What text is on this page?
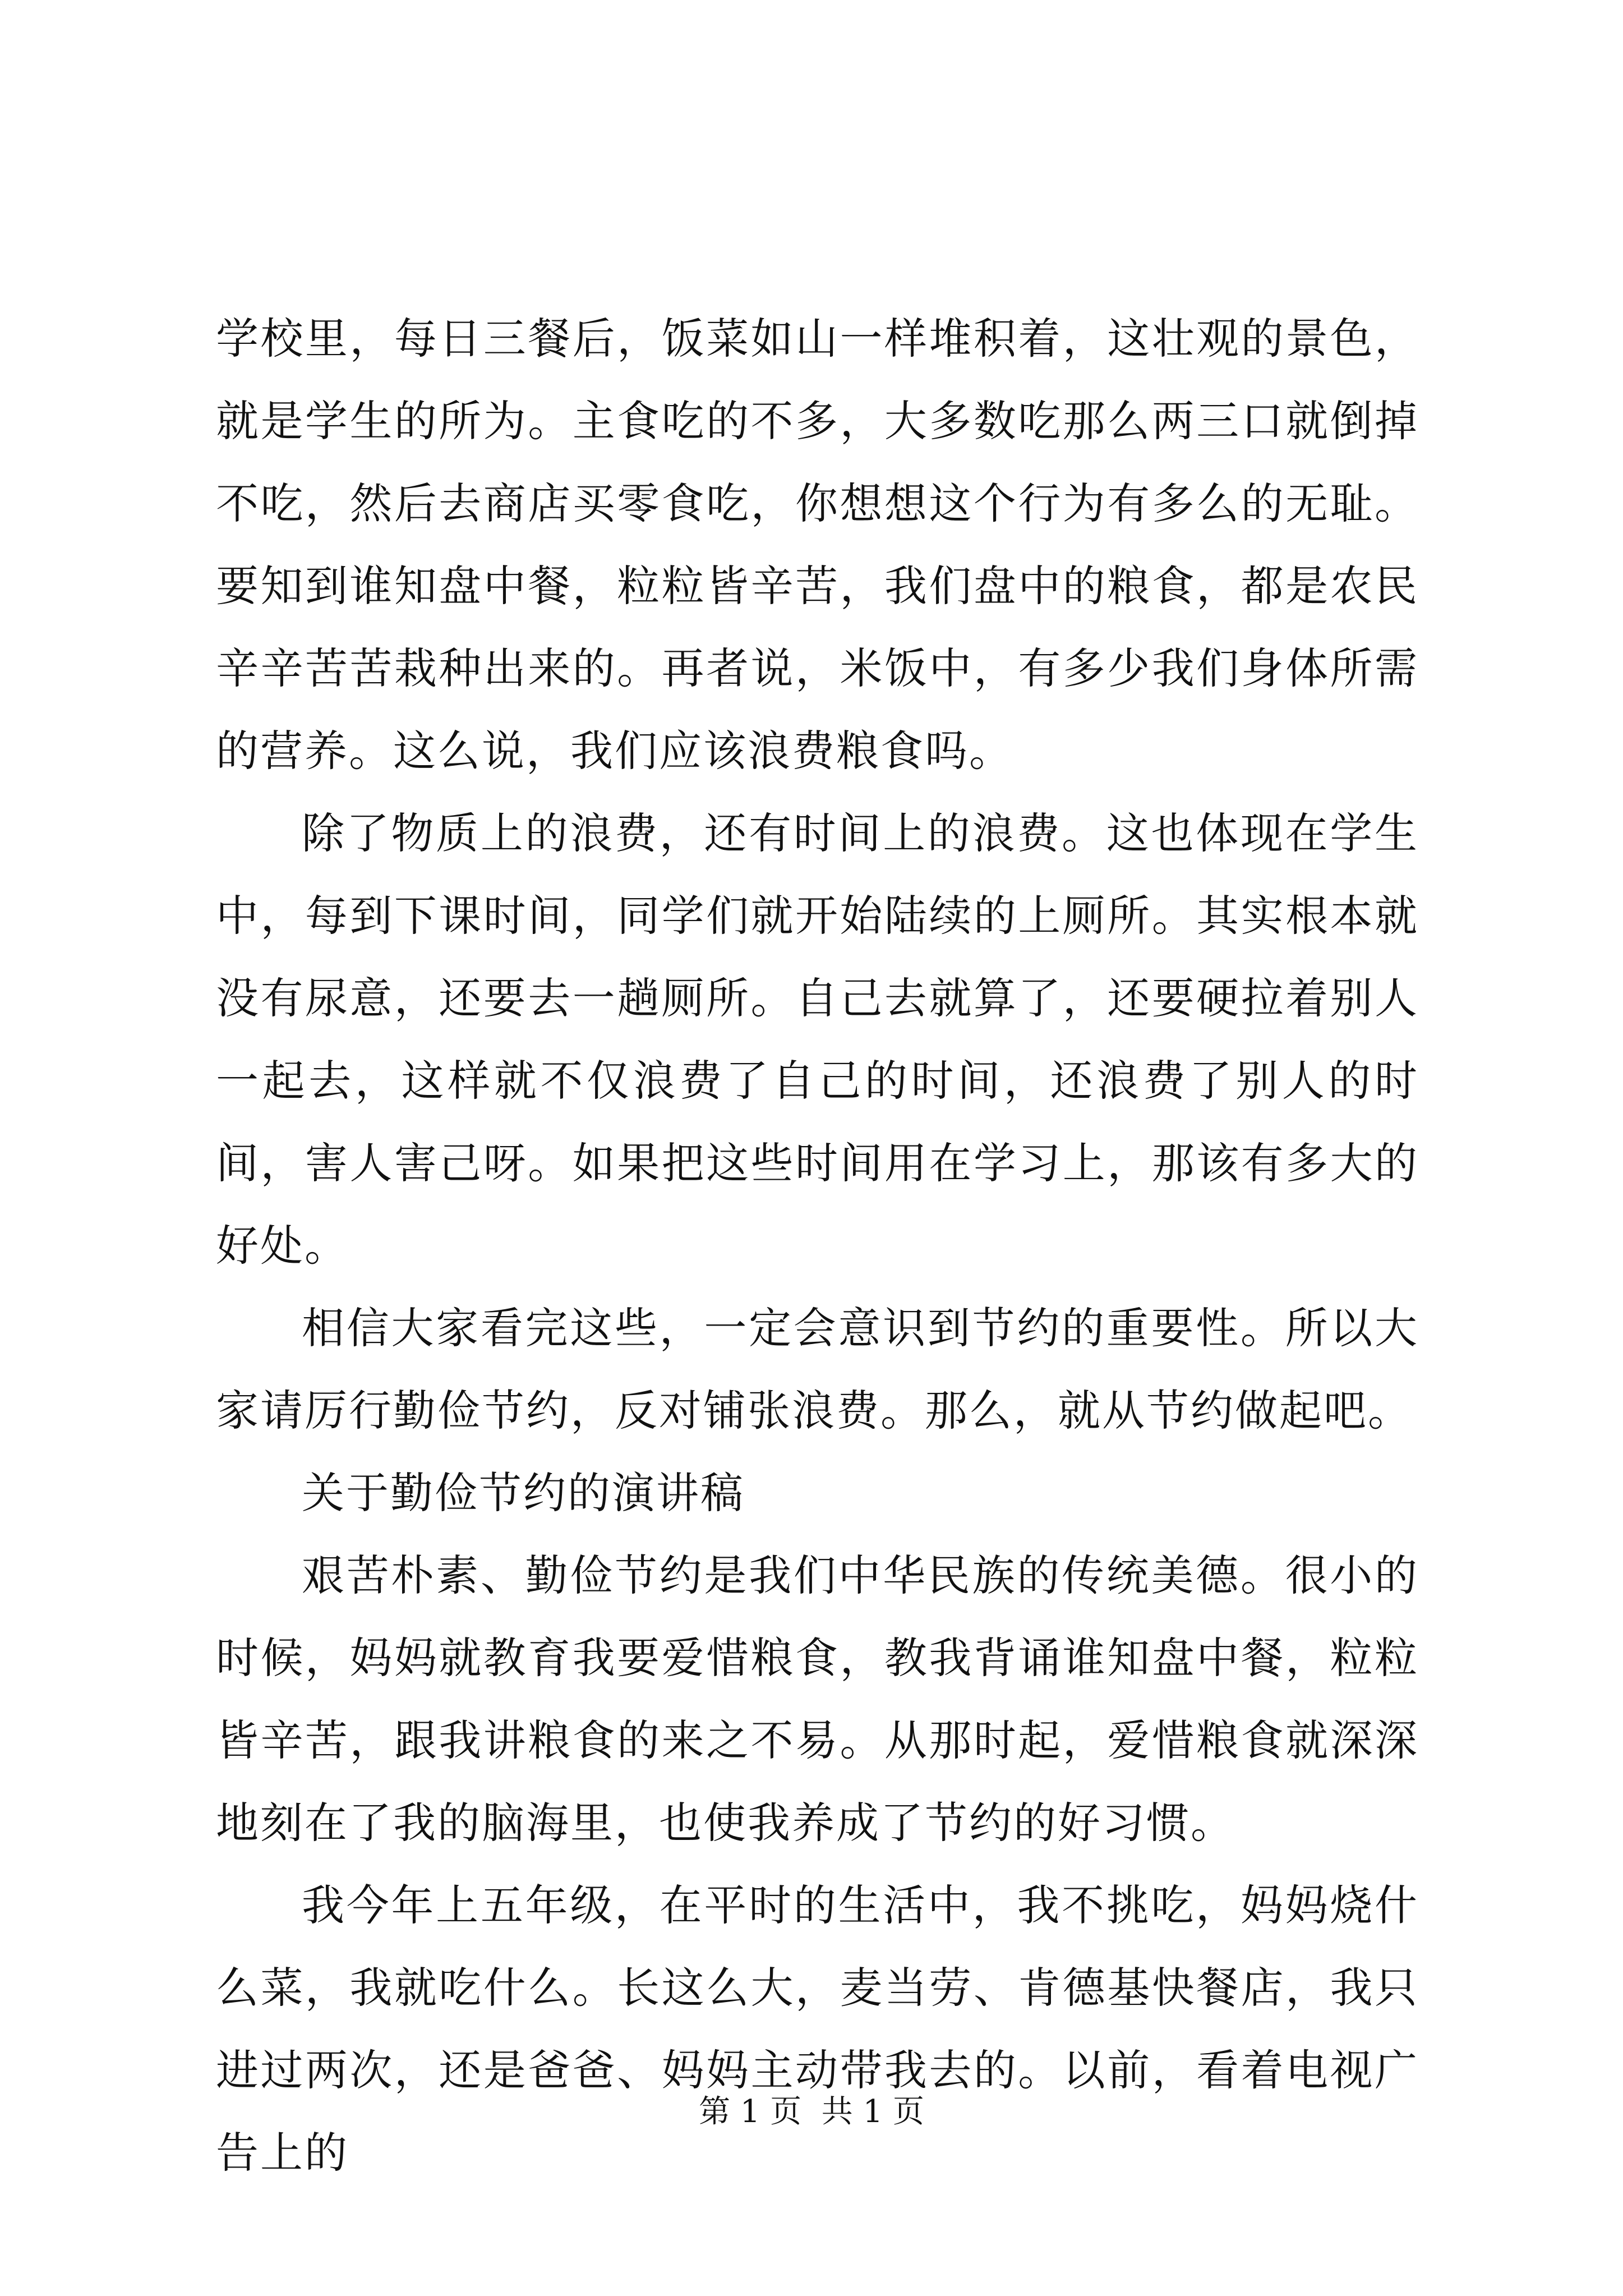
学校里，每日三餐后，饭菜如山一样堆积着，这壮观的景色，就是学生的所为。主食吃的不多，大多数吃那么两三口就倒掉不吃，然后去商店买零食吃，你想想这个行为有多么的无耻。要知到谁知盘中餐，粒粒皆辛苦，我们盘中的粮食，都是农民辛辛苦苦栽种出来的。再者说，米饭中，有多少我们身体所需的营养。这么说，我们应该浪费粮食吗。

除了物质上的浪费，还有时间上的浪费。这也体现在学生中，每到下课时间，同学们就开始陆续的上厕所。其实根本就没有尿意，还要去一趟厕所。自己去就算了，还要硬拉着别人一起去，这样就不仅浪费了自己的时间，还浪费了别人的时间，害人害己呀。如果把这些时间用在学习上，那该有多大的好处。

相信大家看完这些，一定会意识到节约的重要性。所以大家请厉行勤俭节约，反对铺张浪费。那么，就从节约做起吧。

关于勤俭节约的演讲稿

艰苦朴素、勤俭节约是我们中华民族的传统美德。很小的时候，妈妈就教育我要爱惜粮食，教我背诵谁知盘中餐，粒粒皆辛苦，跟我讲粮食的来之不易。从那时起，爱惜粮食就深深地刻在了我的脑海里，也使我养成了节约的好习惯。

我今年上五年级，在平时的生活中，我不挑吃，妈妈烧什么菜，我就吃什么。长这么大，麦当劳、肯德基快餐店，我只进过两次，还是爸爸、妈妈主动带我去的。以前，看着电视广告上的

第 1 页  共 1 页
